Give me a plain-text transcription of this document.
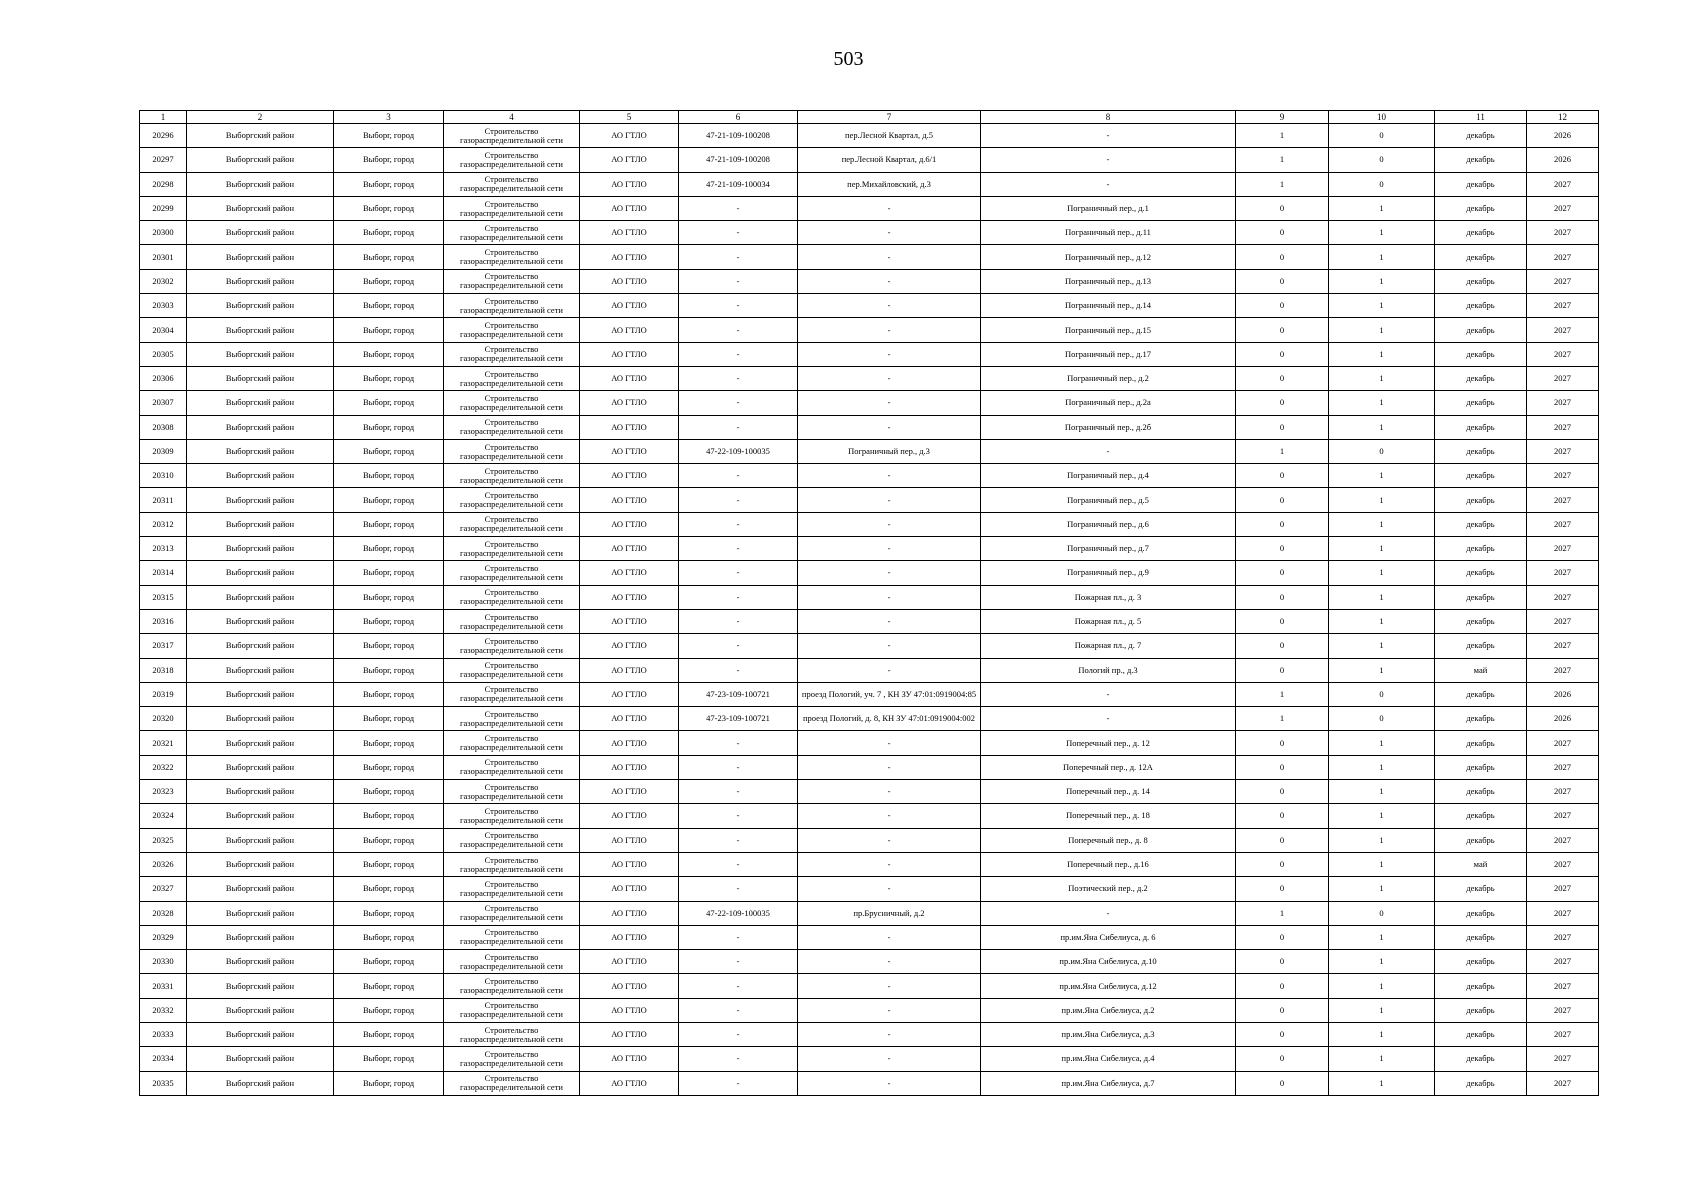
503
1	2	3	4	5	6	7	8	9	10	11	12
20296	Выборгский район	Выборг, город	Строительство газораспределительной сети	АО ГТЛО	47-21-109-100208	пер.Лесной Квартал, д.5	-	1	0	декабрь	2026
20297	Выборгский район	Выборг, город	Строительство газораспределительной сети	АО ГТЛО	47-21-109-100208	пер.Лесной Квартал, д.6/1	-	1	0	декабрь	2026
20298	Выборгский район	Выборг, город	Строительство газораспределительной сети	АО ГТЛО	47-21-109-100034	пер.Михайловский, д.3	-	1	0	декабрь	2027
20299	Выборгский район	Выборг, город	Строительство газораспределительной сети	АО ГТЛО	-	-	Пограничный пер., д.1	0	1	декабрь	2027
20300	Выборгский район	Выборг, город	Строительство газораспределительной сети	АО ГТЛО	-	-	Пограничный пер., д.11	0	1	декабрь	2027
20301	Выборгский район	Выборг, город	Строительство газораспределительной сети	АО ГТЛО	-	-	Пограничный пер., д.12	0	1	декабрь	2027
20302	Выборгский район	Выборг, город	Строительство газораспределительной сети	АО ГТЛО	-	-	Пограничный пер., д.13	0	1	декабрь	2027
20303	Выборгский район	Выборг, город	Строительство газораспределительной сети	АО ГТЛО	-	-	Пограничный пер., д.14	0	1	декабрь	2027
20304	Выборгский район	Выборг, город	Строительство газораспределительной сети	АО ГТЛО	-	-	Пограничный пер., д.15	0	1	декабрь	2027
20305	Выборгский район	Выборг, город	Строительство газораспределительной сети	АО ГТЛО	-	-	Пограничный пер., д.17	0	1	декабрь	2027
20306	Выборгский район	Выборг, город	Строительство газораспределительной сети	АО ГТЛО	-	-	Пограничный пер., д.2	0	1	декабрь	2027
20307	Выборгский район	Выборг, город	Строительство газораспределительной сети	АО ГТЛО	-	-	Пограничный пер., д.2а	0	1	декабрь	2027
20308	Выборгский район	Выборг, город	Строительство газораспределительной сети	АО ГТЛО	-	-	Пограничный пер., д.2б	0	1	декабрь	2027
20309	Выборгский район	Выборг, город	Строительство газораспределительной сети	АО ГТЛО	47-22-109-100035	Пограничный пер., д.3	-	1	0	декабрь	2027
20310	Выборгский район	Выборг, город	Строительство газораспределительной сети	АО ГТЛО	-	-	Пограничный пер., д.4	0	1	декабрь	2027
20311	Выборгский район	Выборг, город	Строительство газораспределительной сети	АО ГТЛО	-	-	Пограничный пер., д.5	0	1	декабрь	2027
20312	Выборгский район	Выборг, город	Строительство газораспределительной сети	АО ГТЛО	-	-	Пограничный пер., д.6	0	1	декабрь	2027
20313	Выборгский район	Выборг, город	Строительство газораспределительной сети	АО ГТЛО	-	-	Пограничный пер., д.7	0	1	декабрь	2027
20314	Выборгский район	Выборг, город	Строительство газораспределительной сети	АО ГТЛО	-	-	Пограничный пер., д.9	0	1	декабрь	2027
20315	Выборгский район	Выборг, город	Строительство газораспределительной сети	АО ГТЛО	-	-	Пожарная пл., д. 3	0	1	декабрь	2027
20316	Выборгский район	Выборг, город	Строительство газораспределительной сети	АО ГТЛО	-	-	Пожарная пл., д. 5	0	1	декабрь	2027
20317	Выборгский район	Выборг, город	Строительство газораспределительной сети	АО ГТЛО	-	-	Пожарная пл., д. 7	0	1	декабрь	2027
20318	Выборгский район	Выборг, город	Строительство газораспределительной сети	АО ГТЛО	-	-	Пологий пр., д.3	0	1	май	2027
20319	Выборгский район	Выборг, город	Строительство газораспределительной сети	АО ГТЛО	47-23-109-100721	проезд Пологий, уч. 7 , КН ЗУ 47:01:0919004:85	-	1	0	декабрь	2026
20320	Выборгский район	Выборг, город	Строительство газораспределительной сети	АО ГТЛО	47-23-109-100721	проезд Пологий, д. 8, КН ЗУ 47:01:0919004:002	-	1	0	декабрь	2026
20321	Выборгский район	Выборг, город	Строительство газораспределительной сети	АО ГТЛО	-	-	Поперечный пер., д. 12	0	1	декабрь	2027
20322	Выборгский район	Выборг, город	Строительство газораспределительной сети	АО ГТЛО	-	-	Поперечный пер., д. 12А	0	1	декабрь	2027
20323	Выборгский район	Выборг, город	Строительство газораспределительной сети	АО ГТЛО	-	-	Поперечный пер., д. 14	0	1	декабрь	2027
20324	Выборгский район	Выборг, город	Строительство газораспределительной сети	АО ГТЛО	-	-	Поперечный пер., д. 18	0	1	декабрь	2027
20325	Выборгский район	Выборг, город	Строительство газораспределительной сети	АО ГТЛО	-	-	Поперечный пер., д. 8	0	1	декабрь	2027
20326	Выборгский район	Выборг, город	Строительство газораспределительной сети	АО ГТЛО	-	-	Поперечный пер., д.16	0	1	май	2027
20327	Выборгский район	Выборг, город	Строительство газораспределительной сети	АО ГТЛО	-	-	Поэтический пер., д.2	0	1	декабрь	2027
20328	Выборгский район	Выборг, город	Строительство газораспределительной сети	АО ГТЛО	47-22-109-100035	пр.Брусничный, д.2	-	1	0	декабрь	2027
20329	Выборгский район	Выборг, город	Строительство газораспределительной сети	АО ГТЛО	-	-	пр.им.Яна Сибелиуса, д. 6	0	1	декабрь	2027
20330	Выборгский район	Выборг, город	Строительство газораспределительной сети	АО ГТЛО	-	-	пр.им.Яна Сибелиуса, д.10	0	1	декабрь	2027
20331	Выборгский район	Выборг, город	Строительство газораспределительной сети	АО ГТЛО	-	-	пр.им.Яна Сибелиуса, д.12	0	1	декабрь	2027
20332	Выборгский район	Выборг, город	Строительство газораспределительной сети	АО ГТЛО	-	-	пр.им.Яна Сибелиуса, д.2	0	1	декабрь	2027
20333	Выборгский район	Выборг, город	Строительство газораспределительной сети	АО ГТЛО	-	-	пр.им.Яна Сибелиуса, д.3	0	1	декабрь	2027
20334	Выборгский район	Выборг, город	Строительство газораспределительной сети	АО ГТЛО	-	-	пр.им.Яна Сибелиуса, д.4	0	1	декабрь	2027
20335	Выборгский район	Выборг, город	Строительство газораспределительной сети	АО ГТЛО	-	-	пр.им.Яна Сибелиуса, д.7	0	1	декабрь	2027
